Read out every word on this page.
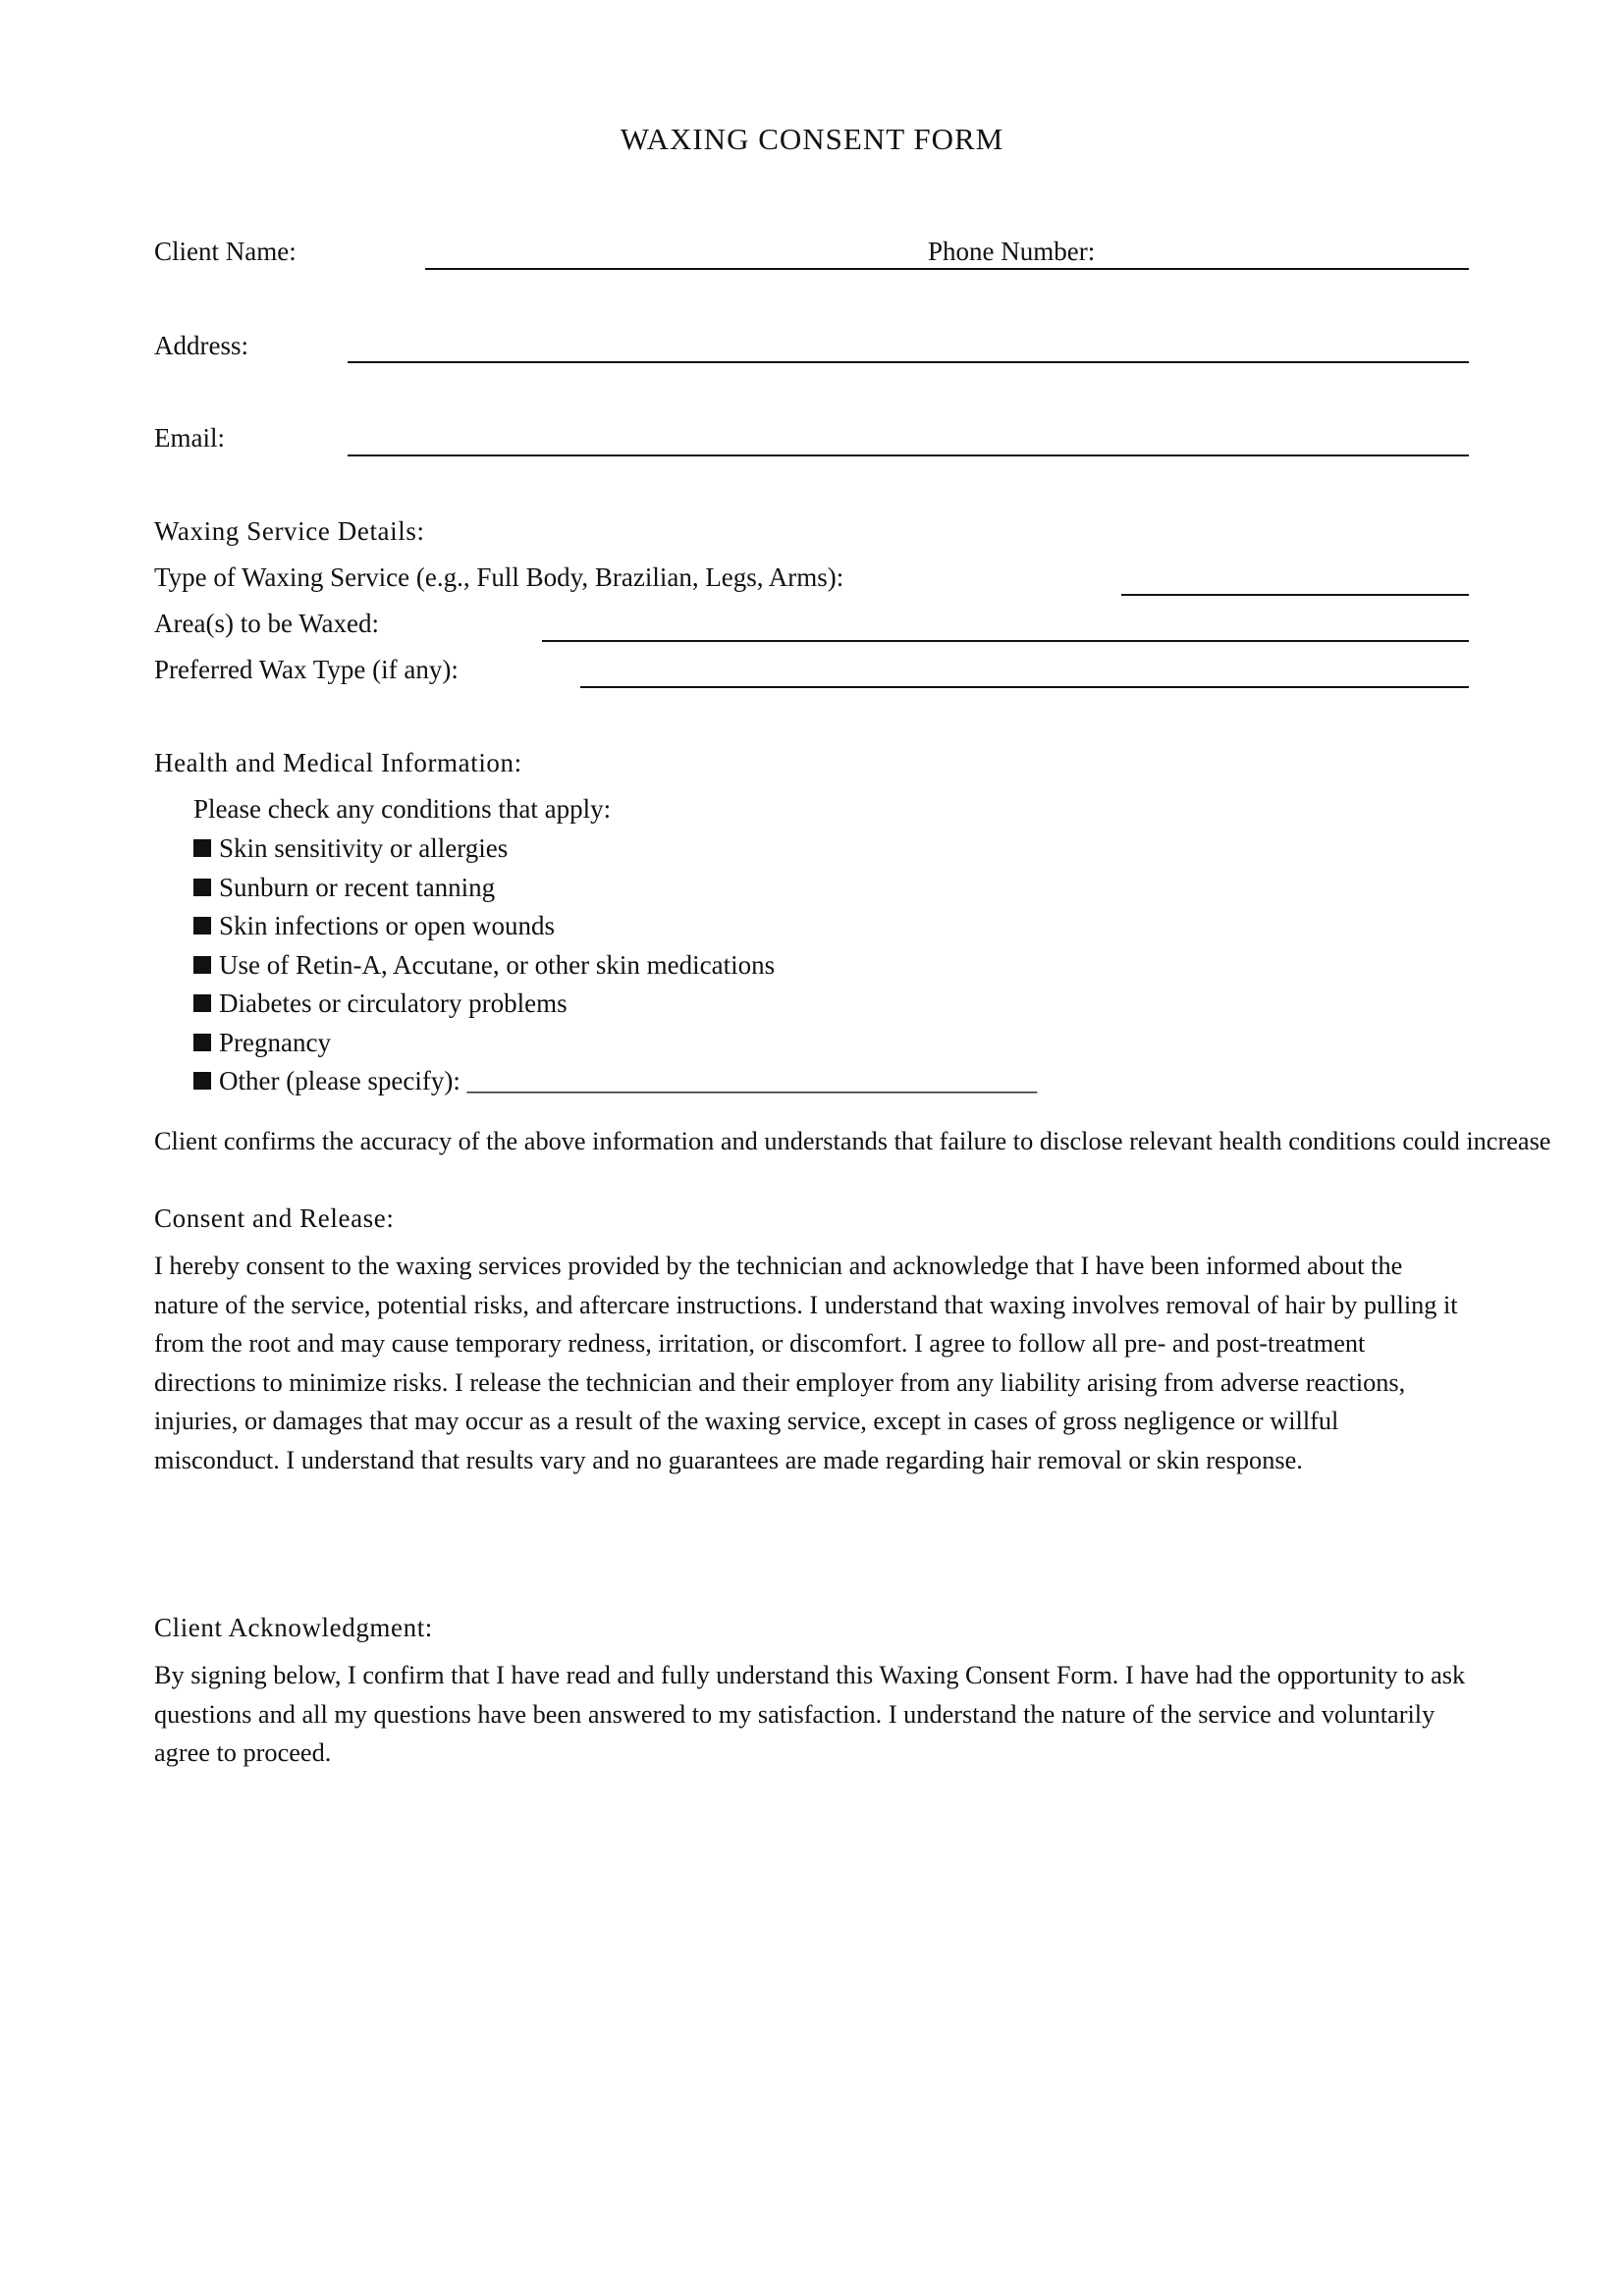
WAXING CONSENT FORM
Client Name:	Phone Number:
Address:
Email:
Waxing Service Details:
Type of Waxing Service (e.g., Full Body, Brazilian, Legs, Arms):
Area(s) to be Waxed:
Preferred Wax Type (if any):
Health and Medical Information:
Please check any conditions that apply:
Skin sensitivity or allergies
Sunburn or recent tanning
Skin infections or open wounds
Use of Retin-A, Accutane, or other skin medications
Diabetes or circulatory problems
Pregnancy
Other (please specify): ___________________________________________
Client confirms the accuracy of the above information and understands that failure to disclose relevant health conditions could increase
Consent and Release:
I hereby consent to the waxing services provided by the technician and acknowledge that I have been informed about the nature of the service, potential risks, and aftercare instructions. I understand that waxing involves removal of hair by pulling it from the root and may cause temporary redness, irritation, or discomfort. I agree to follow all pre- and post-treatment directions to minimize risks. I release the technician and their employer from any liability arising from adverse reactions, injuries, or damages that may occur as a result of the waxing service, except in cases of gross negligence or willful misconduct. I understand that results vary and no guarantees are made regarding hair removal or skin response.
Client Acknowledgment:
By signing below, I confirm that I have read and fully understand this Waxing Consent Form. I have had the opportunity to ask questions and all my questions have been answered to my satisfaction. I understand the nature of the service and voluntarily agree to proceed.
